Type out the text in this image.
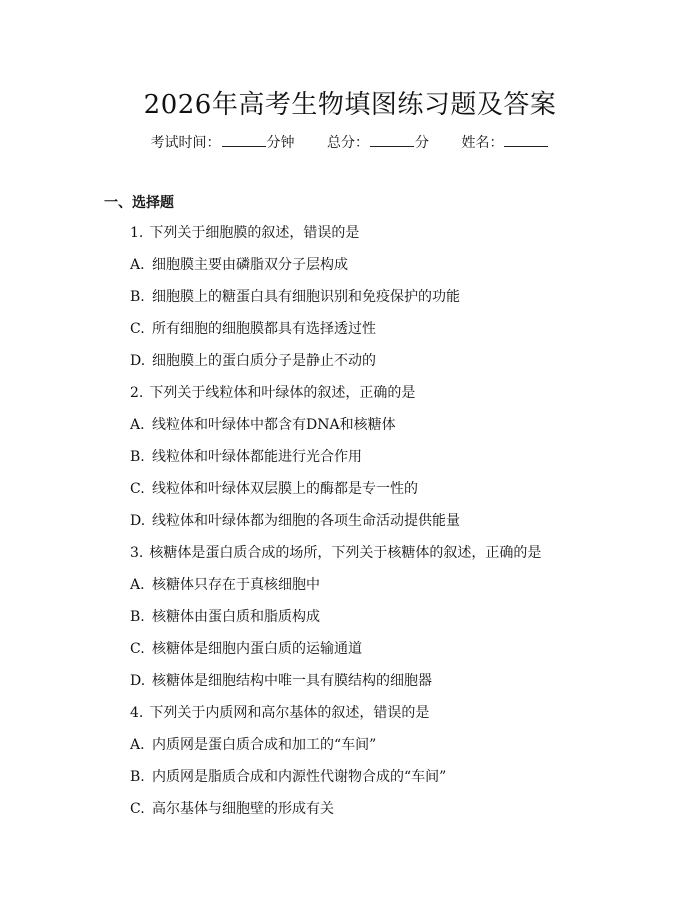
2026年高考生物填图练习题及答案
考试时间：	分钟 总分：	分 姓名：
一、选择题
1. 下列关于细胞膜的叙述，错误的是
A. 细胞膜主要由磷脂双分子层构成
B. 细胞膜上的糖蛋白具有细胞识别和免疫保护的功能
C. 所有细胞的细胞膜都具有选择透过性
D. 细胞膜上的蛋白质分子是静止不动的
2. 下列关于线粒体和叶绿体的叙述，正确的是
A. 线粒体和叶绿体中都含有DNA和核糖体
B. 线粒体和叶绿体都能进行光合作用
C. 线粒体和叶绿体双层膜上的酶都是专一性的
D. 线粒体和叶绿体都为细胞的各项生命活动提供能量
3. 核糖体是蛋白质合成的场所，下列关于核糖体的叙述，正确的是
A. 核糖体只存在于真核细胞中
B. 核糖体由蛋白质和脂质构成
C. 核糖体是细胞内蛋白质的运输通道
D. 核糖体是细胞结构中唯一具有膜结构的细胞器
4. 下列关于内质网和高尔基体的叙述，错误的是
A. 内质网是蛋白质合成和加工的“车间”
B. 内质网是脂质合成和内源性代谢物合成的“车间”
C. 高尔基体与细胞壁的形成有关
